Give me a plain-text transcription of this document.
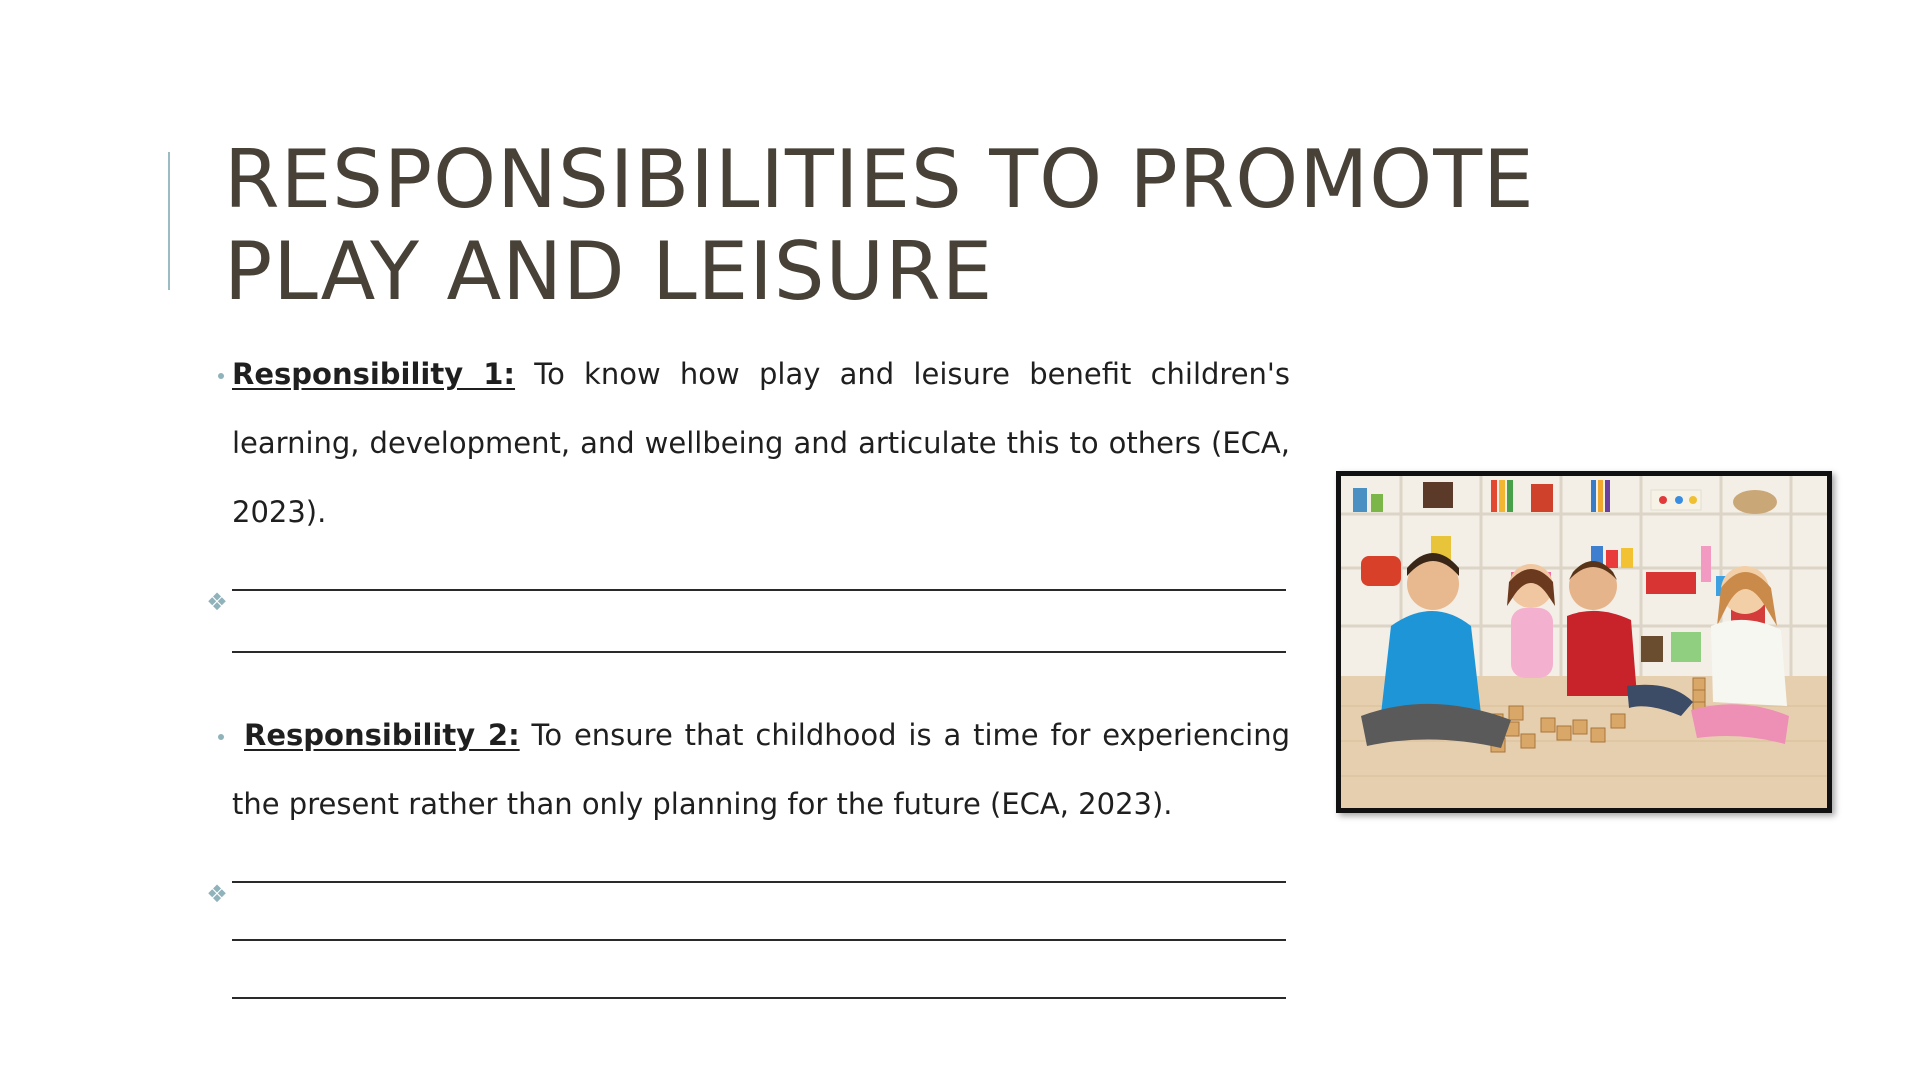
RESPONSIBILITIES TO PROMOTE
PLAY AND LEISURE
Responsibility 1: To know how play and leisure benefit children's learning, development, and wellbeing and articulate this to others (ECA, 2023).
❖
Responsibility 2: To ensure that childhood is a time for experiencing the present rather than only planning for the future (ECA, 2023).
❖
